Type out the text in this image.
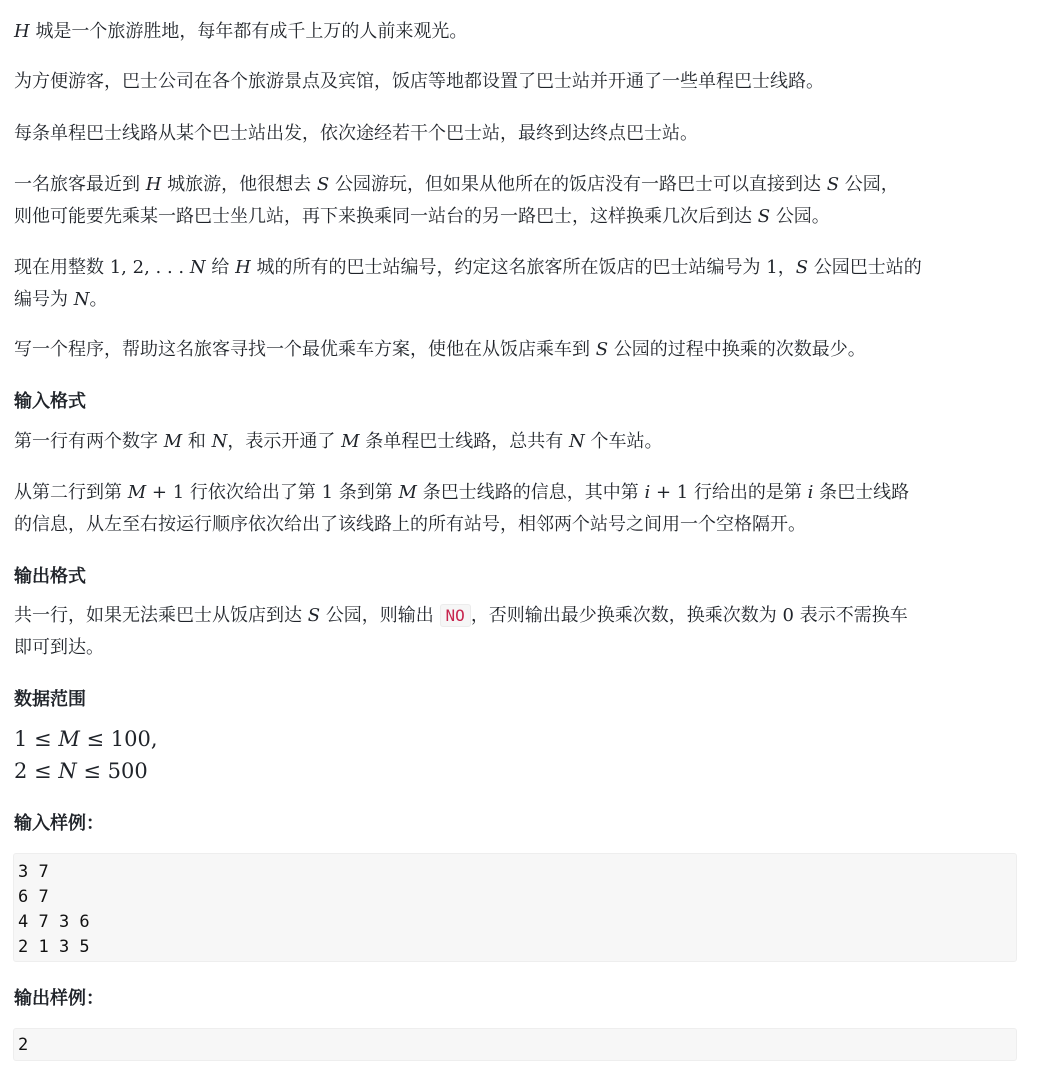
H 城是一个旅游胜地，每年都有成千上万的人前来观光。
为方便游客，巴士公司在各个旅游景点及宾馆，饭店等地都设置了巴士站并开通了一些单程巴士线路。
每条单程巴士线路从某个巴士站出发，依次途经若干个巴士站，最终到达终点巴士站。
一名旅客最近到 H 城旅游，他很想去 S 公园游玩，但如果从他所在的饭店没有一路巴士可以直接到达 S 公园，
则他可能要先乘某一路巴士坐几站，再下来换乘同一站台的另一路巴士，这样换乘几次后到达 S 公园。
现在用整数 1, 2, . . . N 给 H 城的所有的巴士站编号，约定这名旅客所在饭店的巴士站编号为 1，S 公园巴士站的
编号为 N。
写一个程序，帮助这名旅客寻找一个最优乘车方案，使他在从饭店乘车到 S 公园的过程中换乘的次数最少。
输入格式
第一行有两个数字 M 和 N，表示开通了 M 条单程巴士线路，总共有 N 个车站。
从第二行到第 M + 1 行依次给出了第 1 条到第 M 条巴士线路的信息，其中第 i + 1 行给出的是第 i 条巴士线路
的信息，从左至右按运行顺序依次给出了该线路上的所有站号，相邻两个站号之间用一个空格隔开。
输出格式
共一行，如果无法乘巴士从饭店到达 S 公园，则输出 NO ，否则输出最少换乘次数，换乘次数为 0 表示不需换车
即可到达。
数据范围
1 ≤ M ≤ 100,
2 ≤ N ≤ 500
输入样例：
3 7
6 7
4 7 3 6
2 1 3 5
输出样例：
2
